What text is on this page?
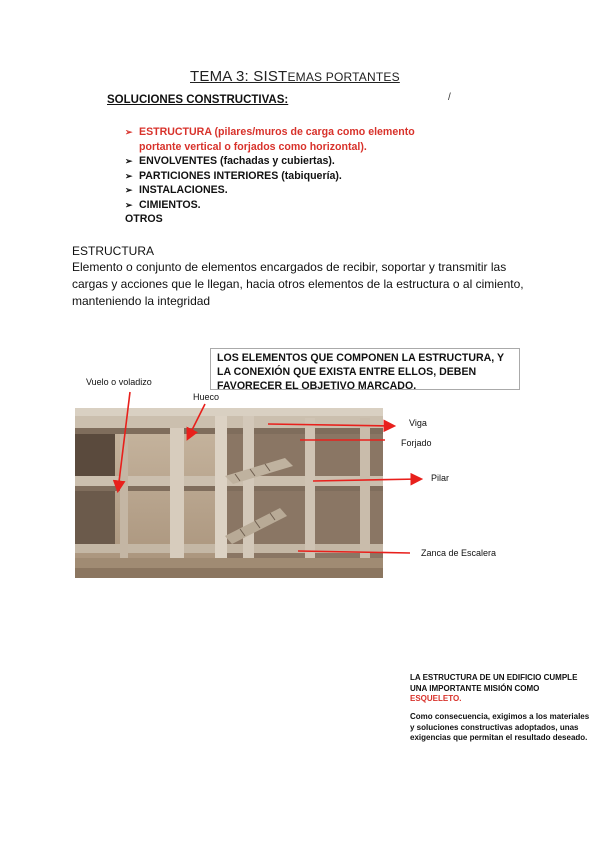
TEMA 3: SISTEMAS PORTANTES
SOLUCIONES CONSTRUCTIVAS:	/
➢ ESTRUCTURA (pilares/muros de carga como elemento portante vertical o forjados como horizontal).
➢ ENVOLVENTES (fachadas y cubiertas).
➢ PARTICIONES INTERIORES (tabiquería).
➢ INSTALACIONES.
➢ CIMIENTOS.
OTROS
ESTRUCTURA
Elemento o conjunto de elementos encargados de recibir, soportar y transmitir las cargas y acciones que le llegan, hacia otros elementos de la estructura o al cimiento, manteniendo la integridad
LOS ELEMENTOS QUE COMPONEN LA ESTRUCTURA, Y LA CONEXIÓN QUE EXISTA ENTRE ELLOS, DEBEN FAVORECER EL OBJETIVO MARCADO.
Vuelo o voladizo
Hueco
Viga
Forjado
Pilar
Zanca de Escalera
LA ESTRUCTURA DE UN EDIFICIO CUMPLE UNA IMPORTANTE MISIÓN COMO ESQUELETO.
Como consecuencia, exigimos a los materiales y soluciones constructivas adoptados, unas exigencias que permitan el resultado deseado.
